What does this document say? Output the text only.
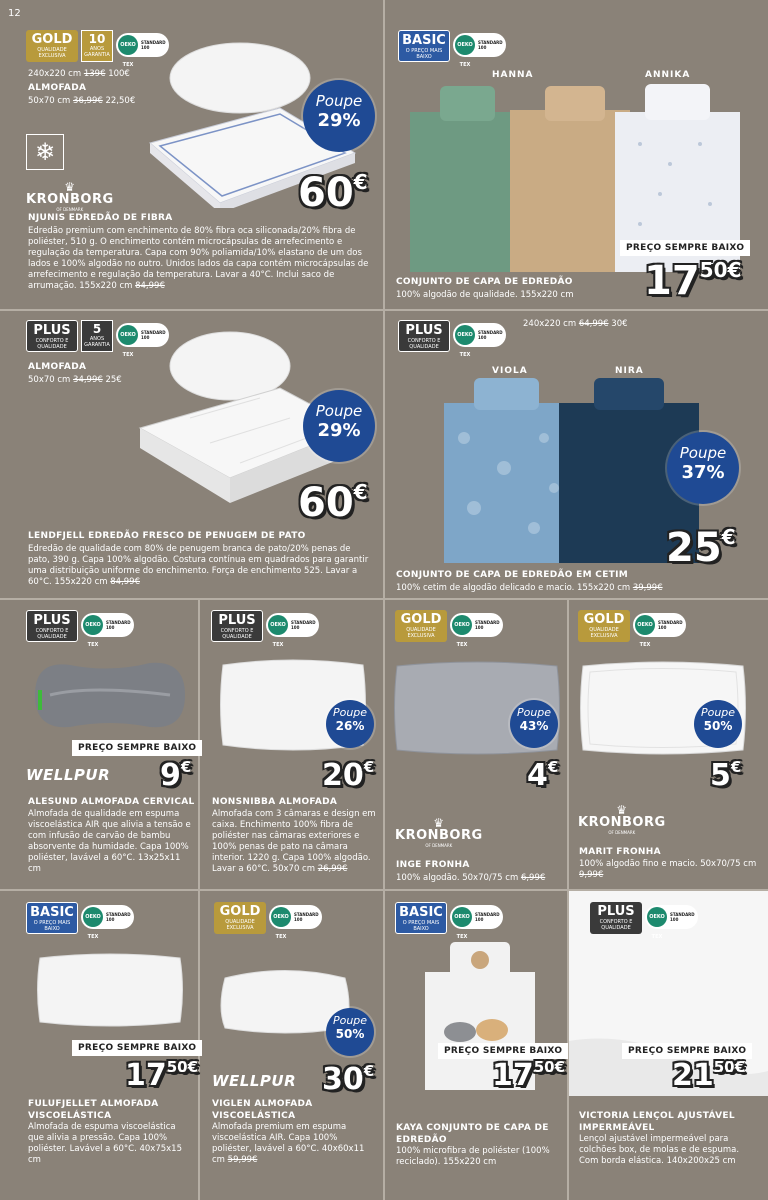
12
GOLD
QUALIDADE EXCLUSIVA
10
ANOS GARANTIA
OEKO TEX
STANDARD 100
240x220 cm 139€ 100€
ALMOFADA
50x70 cm 36,99€ 22,50€
❄
♛
KRONBORG
OF DENMARK
Poupe
29%
60€
NJUNIS EDREDÃO DE FIBRA
Edredão premium com enchimento de 80% fibra oca siliconada/20% fibra de poliéster, 510 g. O enchimento contém microcápsulas de arrefecimento e regulação da temperatura. Capa com 90% poliamida/10% elastano de um dos lados e 100% algodão no outro. Unidos lados da capa contém microcápsulas de arrefecimento e regulação da temperatura. Lavar a 40°C. Inclui saco de arrumação. 155x220 cm 84,99€
BASIC
O PREÇO MAIS BAIXO
OEKO TEX
STANDARD 100
HANNA	ANNIKA
PREÇO SEMPRE BAIXO
$17^{50€}$
CONJUNTO DE CAPA DE EDREDÃO
100% algodão de qualidade. 155x220 cm
PLUS
CONFORTO E QUALIDADE
5
ANOS GARANTIA
OEKO TEX
STANDARD 100
ALMOFADA
50x70 cm 34,99€ 25€
Poupe
29%
60€
LENDFJELL EDREDÃO FRESCO DE PENUGEM DE PATO
Edredão de qualidade com 80% de penugem branca de pato/20% penas de pato, 390 g. Capa 100% algodão. Costura contínua em quadrados para garantir uma distribuição uniforme do enchimento. Força de enchimento 525. Lavar a 60°C. 155x220 cm 84,99€
PLUS
CONFORTO E QUALIDADE
OEKO TEX
STANDARD 100
240x220 cm 64,99€ 30€
VIOLA	NIRA
Poupe
37%
25€
CONJUNTO DE CAPA DE EDREDÃO EM CETIM
100% cetim de algodão delicado e macio. 155x220 cm 39,99€
PLUS
CONFORTO E QUALIDADE
OEKO TEX
STANDARD 100
PREÇO SEMPRE BAIXO
WELLPUR 9€
ALESUND ALMOFADA CERVICAL
Almofada de qualidade em espuma viscoelástica AIR que alivia a tensão e com infusão de carvão de bambu absorvente da humidade. Capa 100% poliéster, lavável a 60°C. 13x25x11 cm
PLUS
CONFORTO E QUALIDADE
OEKO TEX
STANDARD 100
Poupe
26%
20€
NONSNIBBA ALMOFADA
Almofada com 3 câmaras e design em caixa. Enchimento 100% fibra de poliéster nas câmaras exteriores e 100% penas de pato na câmara interior. 1220 g. Capa 100% algodão. Lavar a 60°C. 50x70 cm 26,99€
GOLD
QUALIDADE EXCLUSIVA
OEKO TEX
STANDARD 100
Poupe
43%
4€
♛
KRONBORG
OF DENMARK
INGE FRONHA
100% algodão. 50x70/75 cm 6,99€
GOLD
QUALIDADE EXCLUSIVA
OEKO TEX
STANDARD 100
Poupe
50%
5€
♛
KRONBORG
OF DENMARK
MARIT FRONHA
100% algodão fino e macio. 50x70/75 cm 9,99€
BASIC
O PREÇO MAIS BAIXO
OEKO TEX
STANDARD 100
PREÇO SEMPRE BAIXO
$17^{50€}$
FULUFJELLET ALMOFADA VISCOELÁSTICA
Almofada de espuma viscoelástica que alivia a pressão. Capa 100% poliéster. Lavável a 60°C. 40x75x15 cm
GOLD
QUALIDADE EXCLUSIVA
OEKO TEX
STANDARD 100
Poupe
50%
WELLPUR 30€
VIGLEN ALMOFADA VISCOELÁSTICA
Almofada premium em espuma viscoelástica AIR. Capa 100% poliéster, lavável a 60°C. 40x60x11 cm 59,99€
BASIC
O PREÇO MAIS BAIXO
OEKO TEX
STANDARD 100
PREÇO SEMPRE BAIXO
$17^{50€}$
KAYA CONJUNTO DE CAPA DE EDREDÃO
100% microfibra de poliéster (100% reciclado). 155x220 cm
PLUS
CONFORTO E QUALIDADE
OEKO TEX
STANDARD 100
PREÇO SEMPRE BAIXO
$21^{50€}$
VICTORIA LENÇOL AJUSTÁVEL IMPERMEÁVEL
Lençol ajustável impermeável para colchões box, de molas e de espuma. Com borda elástica. 140x200x25 cm
